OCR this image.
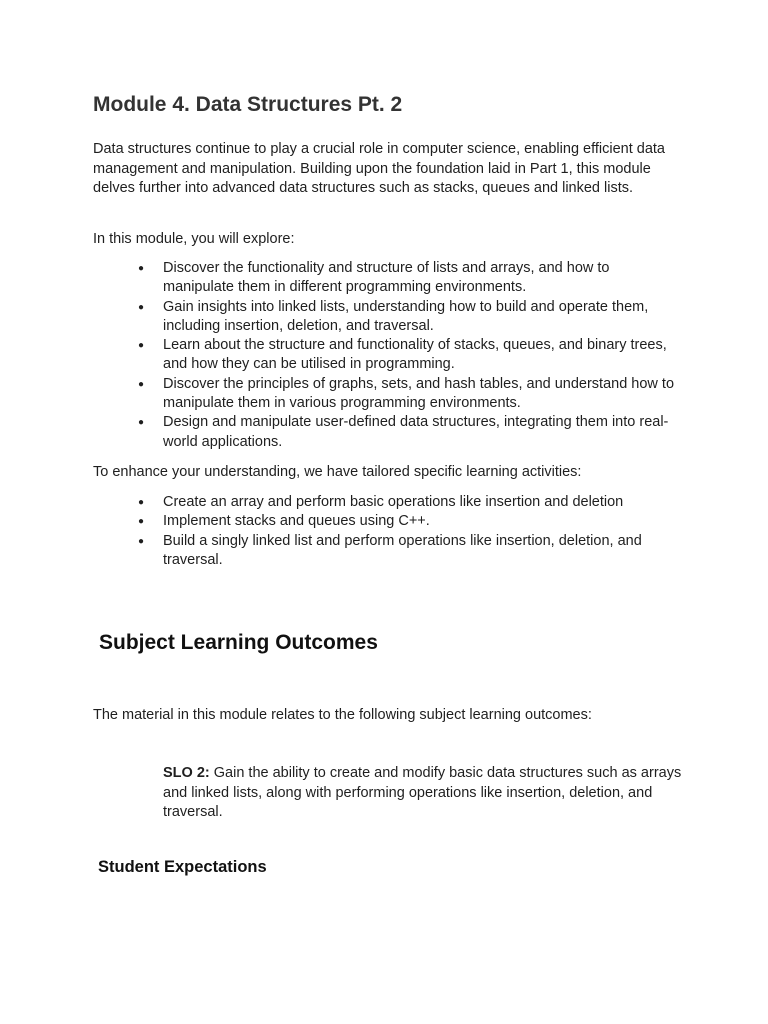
Module 4. Data Structures Pt. 2

Data structures continue to play a crucial role in computer science, enabling efficient data management and manipulation. Building upon the foundation laid in Part 1, this module delves further into advanced data structures such as stacks, queues and linked lists.

In this module, you will explore:

● Discover the functionality and structure of lists and arrays, and how to manipulate them in different programming environments.
● Gain insights into linked lists, understanding how to build and operate them, including insertion, deletion, and traversal.
● Learn about the structure and functionality of stacks, queues, and binary trees, and how they can be utilised in programming.
● Discover the principles of graphs, sets, and hash tables, and understand how to manipulate them in various programming environments.
● Design and manipulate user-defined data structures, integrating them into real-world applications.

To enhance your understanding, we have tailored specific learning activities:

● Create an array and perform basic operations like insertion and deletion
● Implement stacks and queues using C++.
● Build a singly linked list and perform operations like insertion, deletion, and traversal.
Subject Learning Outcomes

The material in this module relates to the following subject learning outcomes:

SLO 2: Gain the ability to create and modify basic data structures such as arrays and linked lists, along with performing operations like insertion, deletion, and traversal.

Student Expectations
